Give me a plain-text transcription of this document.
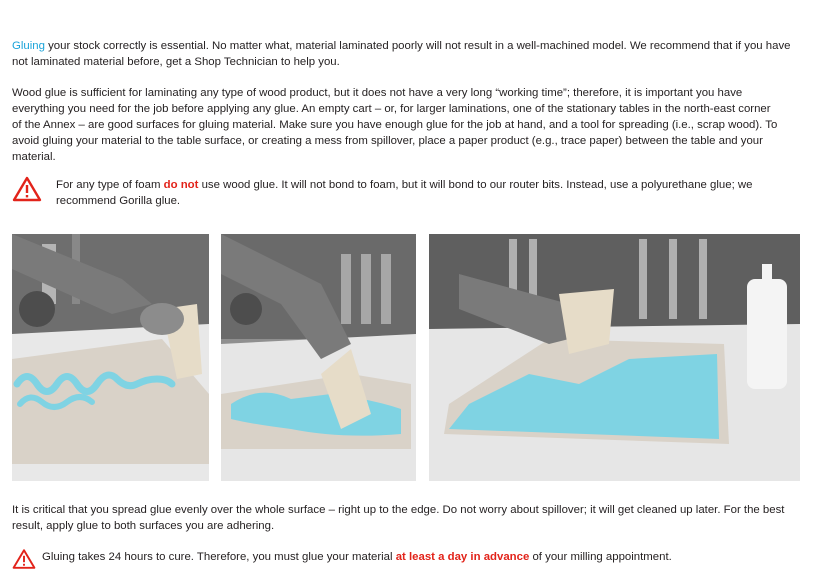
Gluing your stock correctly is essential. No matter what, material laminated poorly will not result in a well-machined model. We recommend that if you have not laminated material before, get a Shop Technician to help you.

Wood glue is sufficient for laminating any type of wood product, but it does not have a very long “working time”; therefore, it is important you have everything you need for the job before applying any glue. An empty cart – or, for larger laminations, one of the stationary tables in the north-east corner of the Annex – are good surfaces for gluing material. Make sure you have enough glue for the job at hand, and a tool for spreading (i.e., scrap wood). To avoid gluing your material to the table surface, or creating a mess from spillover, place a paper product (e.g., trace paper) between the table and your material.

For any type of foam do not use wood glue. It will not bond to foam, but it will bond to our router bits. Instead, use a polyurethane glue; we recommend Gorilla glue.

It is critical that you spread glue evenly over the whole surface – right up to the edge. Do not worry about spillover; it will get cleaned up later. For the best result, apply glue to both surfaces you are adhering.

Gluing takes 24 hours to cure. Therefore, you must glue your material at least a day in advance of your milling appointment.
